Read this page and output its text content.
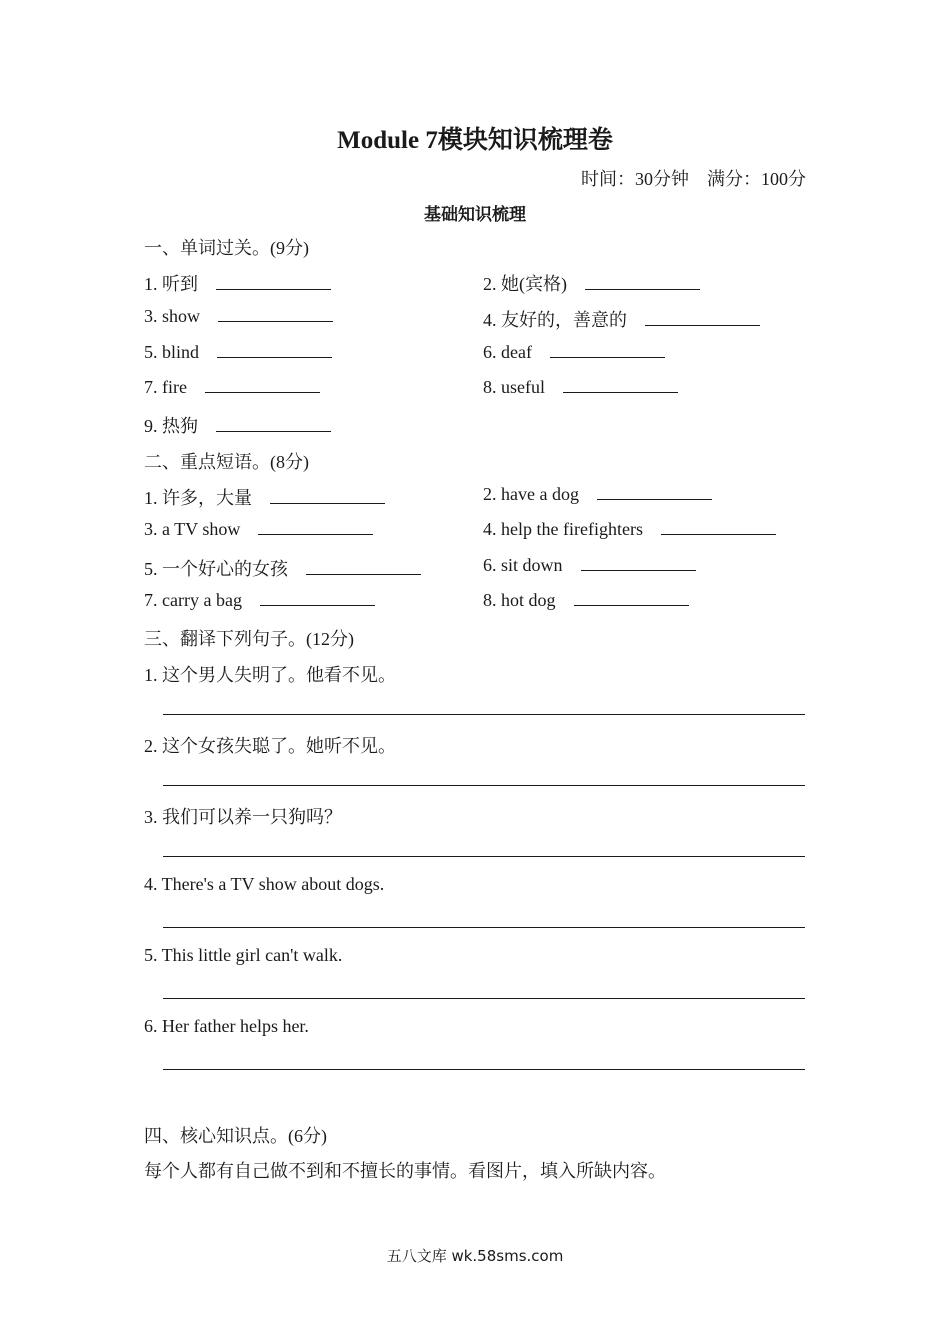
Module 7模块知识梳理卷
时间：30分钟　满分：100分
基础知识梳理
一、单词过关。(9分)
1. 听到	2. 她(宾格)
3. show	4. 友好的，善意的
5. blind	6. deaf
7. fire	8. useful
9. 热狗
二、重点短语。(8分)
1. 许多，大量	2. have a dog
3. a TV show	4. help the firefighters
5. 一个好心的女孩	6. sit down
7. carry a bag	8. hot dog
三、翻译下列句子。(12分)
1. 这个男人失明了。他看不见。
2. 这个女孩失聪了。她听不见。
3. 我们可以养一只狗吗？
4. There's a TV show about dogs.
5. This little girl can't walk.
6. Her father helps her.
四、核心知识点。(6分)
每个人都有自己做不到和不擅长的事情。看图片，填入所缺内容。
五八文库 wk.58sms.com
